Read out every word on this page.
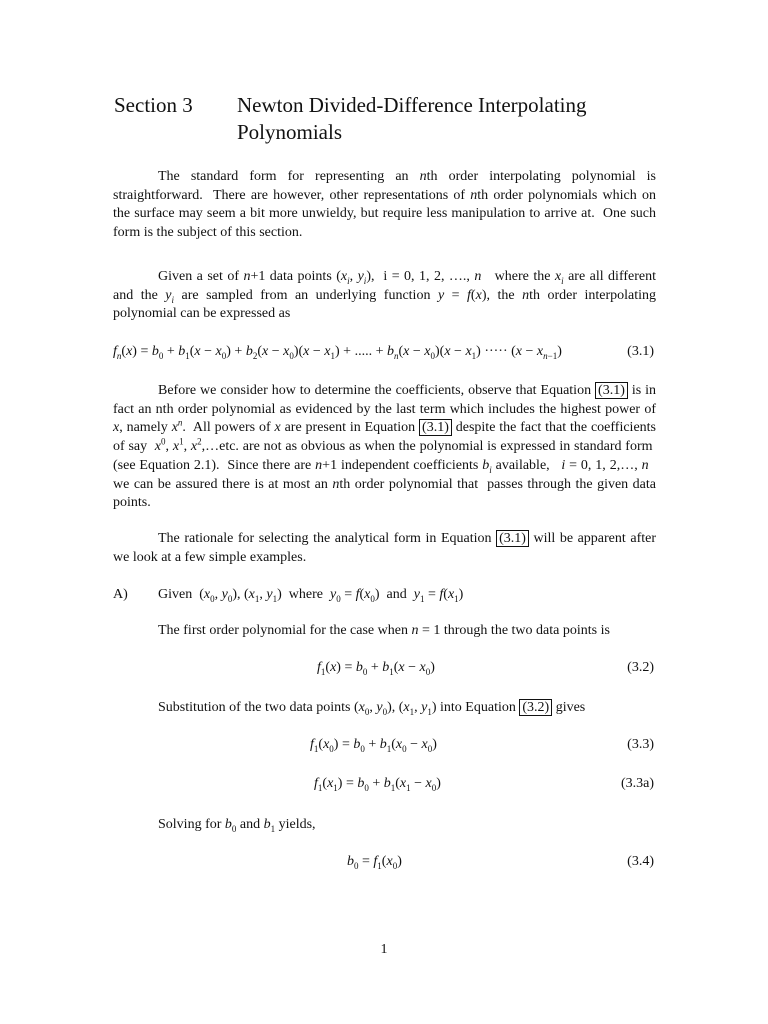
Section 3 Newton Divided-Difference Interpolating
Polynomials

The standard form for representing an nth order interpolating polynomial is straightforward.  There are however, other representations of nth order polynomials which on the surface may seem a bit more unwieldy, but require less manipulation to arrive at.  One such form is the subject of this section.

Given a set of n+1 data points ($x_i$, $y_i$),  i = 0, 1, 2, …., n   where the $x_i$ are all different and the $y_i$ are sampled from an underlying function y = f(x), the nth order interpolating polynomial can be expressed as

$f_n(x) = b_0 + b_1(x - x_0) + b_2(x - x_0)(x - x_1)$ + ..... + $b_n(x - x_0)(x - x_1)$ ····· $(x - x_{n-1})$	(3.1)

Before we consider how to determine the coefficients, observe that Equation (3.1) is in fact an nth order polynomial as evidenced by the last term which includes the highest power of x, namely $x^n$.  All powers of x are present in Equation (3.1) despite the fact that the coefficients of say  $x^0$, $x^1$, $x^2,\dots etc$. are not as obvious as when the polynomial is expressed in standard form  (see Equation 2.1).  Since there are n+1 independent coefficients $b_i$ available,   i = 0, 1, 2,…, n   we can be assured there is at most an nth order polynomial that  passes through the given data points.

The rationale for selecting the analytical form in Equation (3.1) will be apparent after we look at a few simple examples.

A) Given  ($x_0$, $y_0$), ($x_1$, $y_1$)  where  $y_0 = f(x_0)$  and  $y_1 = f(x_1)$
The first order polynomial for the case when n = 1 through the two data points is
$f_1(x) = b_0 + b_1(x - x_0)$	(3.2)
Substitution of the two data points ($x_0$, $y_0$), ($x_1$, $y_1$) into Equation (3.2) gives
$f_1(x_0) = b_0 + b_1(x_0 - x_0)$	(3.3)
$f_1(x_1) = b_0 + b_1(x_1 - x_0)$	(3.3a)
Solving for $b_0$ and $b_1$ yields,
$b_0 = f_1(x_0)$	(3.4)
1
